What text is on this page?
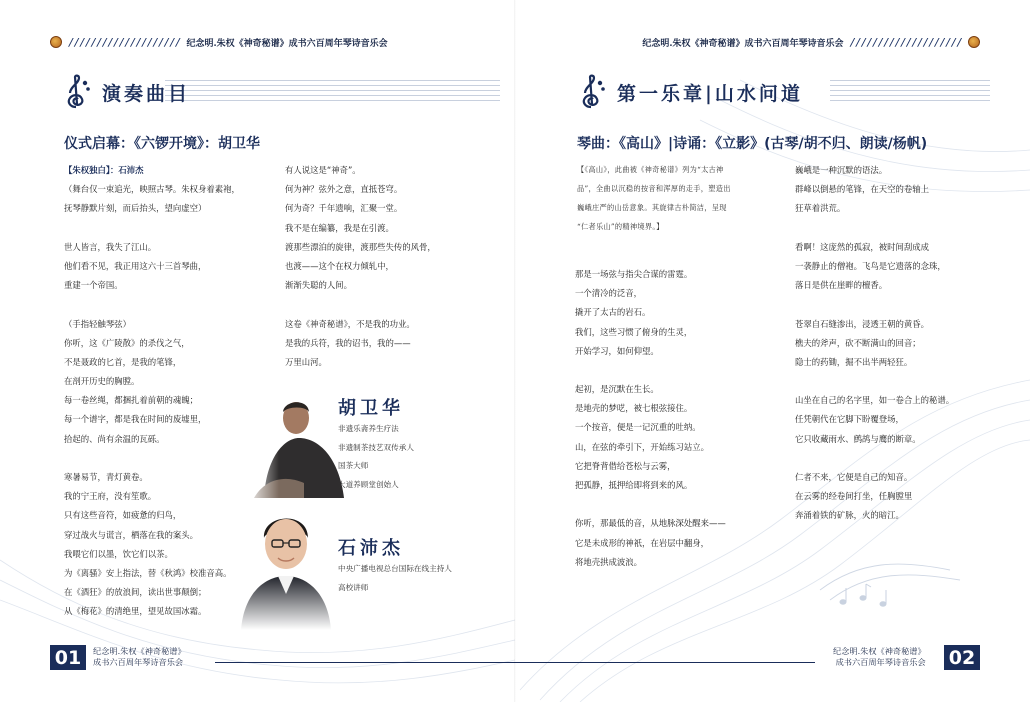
//////////////////// 纪念明.朱权《神奇秘谱》成书六百周年琴诗音乐会
演奏曲目
仪式启幕：《六锣开境》：胡卫华
【朱权独白】：石沛杰
（舞台仅一束追光，映照古琴。朱权身着素袍，
抚琴静默片刻，而后抬头，望向虚空）
世人皆言，我失了江山。
他们看不见，我正用这六十三首琴曲，
重建一个帝国。
（手指轻触琴弦）
你听，这《广陵散》的杀伐之气，
不是聂政的匕首，是我的笔锋，
在剖开历史的胸膛。
每一卷丝绳，都捆扎着前朝的魂魄；
每一个谱字，都是我在时间的废墟里，
拾起的、尚有余温的瓦砾。
寒暑易节，青灯黄卷。
我的宁王府，没有笙歌。
只有这些音符，如疲惫的归鸟，
穿过战火与谎言，栖落在我的案头。
我喂它们以墨，饮它们以茶。
为《离骚》安上指法，替《秋鸿》校准音高。
在《酒狂》的放浪间，读出世事颠倒；
从《梅花》的清绝里，望见故国冰霜。
有人说这是“神奇”。
何为神？弦外之意，直抵苍穹。
何为奇？千年遗响，汇聚一堂。
我不是在编纂，我是在引渡。
渡那些漂泊的旋律，渡那些失传的风骨，
也渡——这个在权力倾轧中，
渐渐失聪的人间。
这卷《神奇秘谱》，不是我的功业。
是我的兵符，我的诏书，我的——
万里山河。
胡卫华
非遗乐斋养生疗法
非遗制茶技艺双传承人
国茶大师
大道养顾堂创始人
石沛杰
中央广播电视总台国际在线主持人
高校讲师
01	纪念明.朱权《神奇秘谱》
成书六百周年琴诗音乐会
纪念明.朱权《神奇秘谱》成书六百周年琴诗音乐会 ////////////////////
第一乐章|山水问道
琴曲：《高山》|诗诵：《立影》(古琴/胡不归、朗读/杨帆)
【《高山》，此曲被《神奇秘谱》列为“太古神
品”，全曲以沉稳的按音和浑厚的走手，塑造出
巍峨庄严的山岳意象。其旋律古朴简洁，呈现
“仁者乐山”的精神境界。】
那是一场弦与指尖合谋的雷霆。
一个清冷的泛音，
撬开了太古的岩石。
我们，这些习惯了俯身的生灵，
开始学习，如何仰望。
起初，是沉默在生长。
是地壳的梦呓，被七根弦接住。
一个按音，便是一记沉重的吐纳。
山，在弦的牵引下，开始练习站立。
它把脊背借给苍松与云雾，
把孤静，抵押给即将到来的风。
你听，那最低的音，从地脉深处醒来——
它是未成形的神祇，在岩层中翻身，
将地壳拱成波浪。
巍峨是一种沉默的语法。
群峰以倒悬的笔锋，在天空的卷轴上
狂草着洪荒。
看啊！这庞然的孤寂，被时间刮成成
一袭静止的僧袍。飞鸟是它遗落的念珠，
落日是供在崖畔的檀香。
苍翠自石缝渗出，浸透王朝的黄昏。
樵夫的斧声，砍不断满山的回音；
隐士的药锄，掘不出半两轻狂。
山坐在自己的名字里，如一卷合上的秘谱。
任凭朝代在它脚下盼覆登场，
它只收藏雨水、鹧鸪与鹰的断章。
仁者不来，它便是自己的知音。
在云雾的经卷间打坐，任胸膛里
奔涌着铁的矿脉，火的暗江。
纪念明.朱权《神奇秘谱》
成书六百周年琴诗音乐会 02
